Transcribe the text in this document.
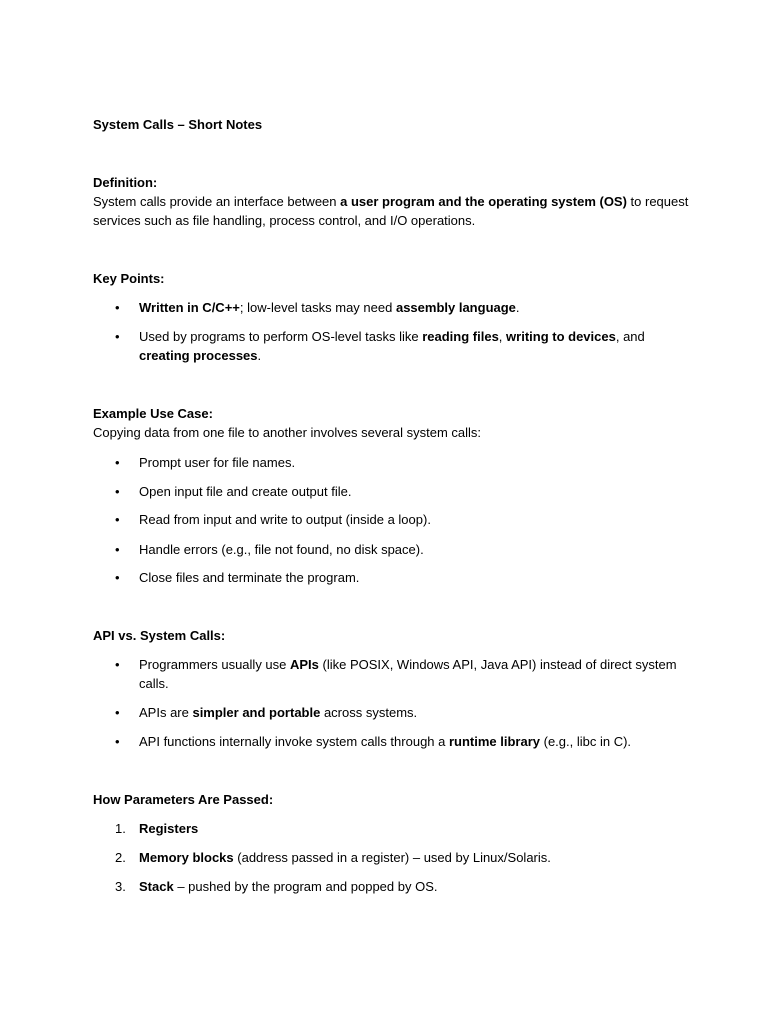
System Calls – Short Notes

Definition:

System calls provide an interface between a user program and the operating system (OS) to request services such as file handling, process control, and I/O operations.

Key Points:

• Written in C/C++; low-level tasks may need assembly language.
• Used by programs to perform OS-level tasks like reading files, writing to devices, and creating processes.

Example Use Case:

Copying data from one file to another involves several system calls:

• Prompt user for file names.
• Open input file and create output file.
• Read from input and write to output (inside a loop).
• Handle errors (e.g., file not found, no disk space).
• Close files and terminate the program.

API vs. System Calls:

• Programmers usually use APIs (like POSIX, Windows API, Java API) instead of direct system calls.
• APIs are simpler and portable across systems.
• API functions internally invoke system calls through a runtime library (e.g., libc in C).

How Parameters Are Passed:

1. Registers
2. Memory blocks (address passed in a register) – used by Linux/Solaris.
3. Stack – pushed by the program and popped by OS.
